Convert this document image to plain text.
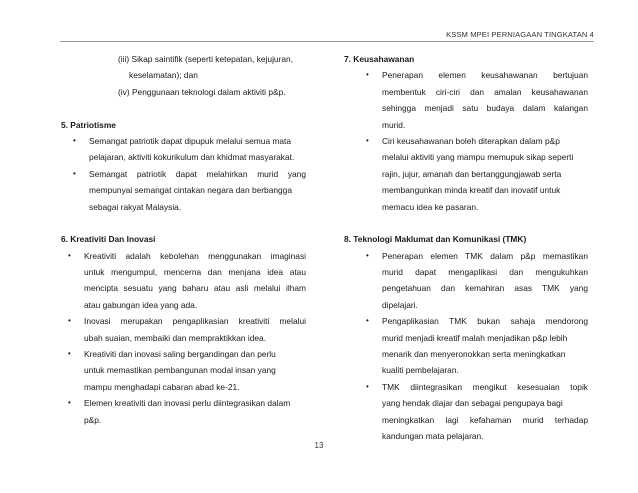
KSSM MPEI PERNIAGAAN TINGKATAN 4
(iii) Sikap saintifik (seperti ketepatan, kejujuran,
keselamatan); dan
(iv) Penggunaan teknologi dalam aktiviti p&p.
5. Patriotisme
•	Semangat patriotik dapat dipupuk melalui semua mata
pelajaran, aktiviti kokurikulum dan khidmat masyarakat.
• Semangat patriotik dapat melahirkan murid yang
mempunyai semangat cintakan negara dan berbangga
sebagai rakyat Malaysia.
6. Kreativiti Dan Inovasi
• Kreativiti adalah kebolehan menggunakan imaginasi
untuk mengumpul, mencerna dan menjana idea atau
mencipta sesuatu yang baharu atau asli melalui ilham
atau gabungan idea yang ada.
• Inovasi merupakan pengaplikasian kreativiti melalui
ubah suaian, membaiki dan mempraktikkan idea.
•	Kreativiti dan inovasi saling bergandingan dan perlu
untuk memastikan pembangunan modal insan yang
mampu menghadapi cabaran abad ke-21.
•	Elemen kreativiti dan inovasi perlu diintegrasikan dalam
p&p.
7. Keusahawanan
• Penerapan elemen keusahawanan bertujuan
membentuk ciri-ciri dan amalan keusahawanan
sehingga menjadi satu budaya dalam kalangan
murid.
•	Ciri keusahawanan boleh diterapkan dalam p&p
melalui aktiviti yang mampu memupuk sikap seperti
rajin, jujur, amanah dan bertanggungjawab serta
membangunkan minda kreatif dan inovatif untuk
memacu idea ke pasaran.
8. Teknologi Maklumat dan Komunikasi (TMK)
• Penerapan elemen TMK dalam p&p memastikan
murid dapat mengaplikasi dan mengukuhkan
pengetahuan dan kemahiran asas TMK yang
dipelajari.
• Pengaplikasian TMK bukan sahaja mendorong
murid menjadi kreatif malah menjadikan p&p lebih
menarik dan menyeronokkan serta meningkatkan
kualiti pembelajaran.
• TMK diintegrasikan mengikut kesesuaian topik
yang hendak diajar dan sebagai pengupaya bagi
meningkatkan lagi kefahaman murid terhadap
kandungan mata pelajaran.
13
